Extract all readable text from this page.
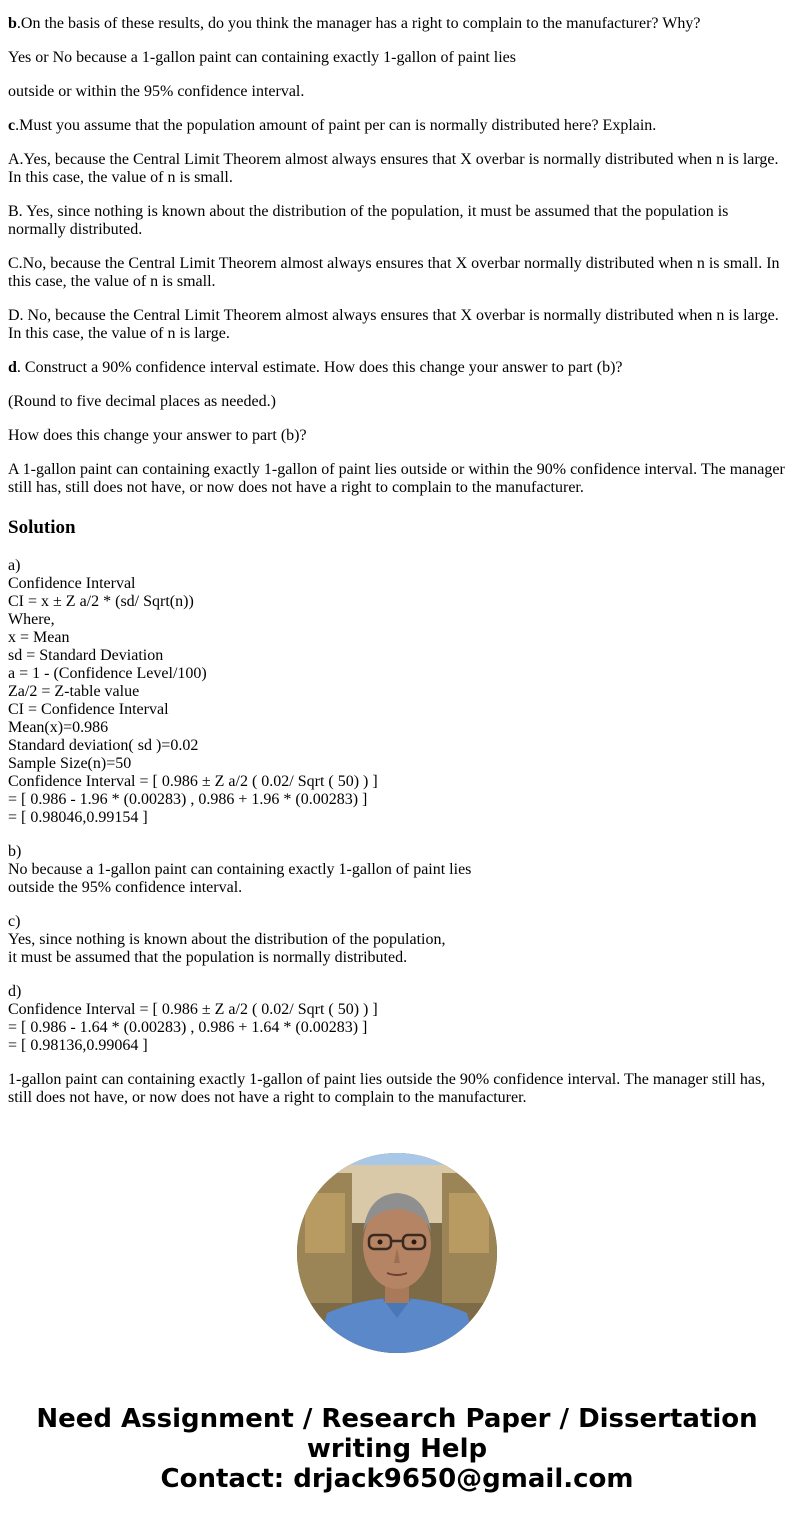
b.On the basis of these results, do you think the manager has a right to complain to the manufacturer? Why?

Yes or No because a 1-gallon paint can containing exactly 1-gallon of paint lies

outside or within the 95% confidence interval.

c.Must you assume that the population amount of paint per can is normally distributed here? Explain.

A.Yes, because the Central Limit Theorem almost always ensures that X overbar is normally distributed when n is large. In this case, the value of n is small.

B. Yes, since nothing is known about the distribution of the population, it must be assumed that the population is normally distributed.

C.No, because the Central Limit Theorem almost always ensures that X overbar normally distributed when n is small. In this case, the value of n is small.

D. No, because the Central Limit Theorem almost always ensures that X overbar is normally distributed when n is large. In this case, the value of n is large.

d. Construct a 90% confidence interval estimate. How does this change your answer to part (b)?

(Round to five decimal places as needed.)

How does this change your answer to part (b)?

A 1-gallon paint can containing exactly 1-gallon of paint lies outside or within the 90% confidence interval. The manager still has, still does not have, or now does not have a right to complain to the manufacturer.

Solution
a)
Confidence Interval
CI = x ± Z a/2 * (sd/ Sqrt(n))
Where,
x = Mean
sd = Standard Deviation
a = 1 - (Confidence Level/100)
Za/2 = Z-table value
CI = Confidence Interval
Mean(x)=0.986
Standard deviation( sd )=0.02
Sample Size(n)=50
Confidence Interval = [ 0.986 ± Z a/2 ( 0.02/ Sqrt ( 50) ) ]
= [ 0.986 - 1.96 * (0.00283) , 0.986 + 1.96 * (0.00283) ]
= [ 0.98046,0.99154 ]
b)
No because a 1-gallon paint can containing exactly 1-gallon of paint lies
outside the 95% confidence interval.
c)
Yes, since nothing is known about the distribution of the population,
it must be assumed that the population is normally distributed.
d)
Confidence Interval = [ 0.986 ± Z a/2 ( 0.02/ Sqrt ( 50) ) ]
= [ 0.986 - 1.64 * (0.00283) , 0.986 + 1.64 * (0.00283) ]
= [ 0.98136,0.99064 ]

1-gallon paint can containing exactly 1-gallon of paint lies outside the 90% confidence interval. The manager still has, still does not have, or now does not have a right to complain to the manufacturer.

Need Assignment / Research Paper / Dissertation
writing Help
Contact: drjack9650@gmail.com
